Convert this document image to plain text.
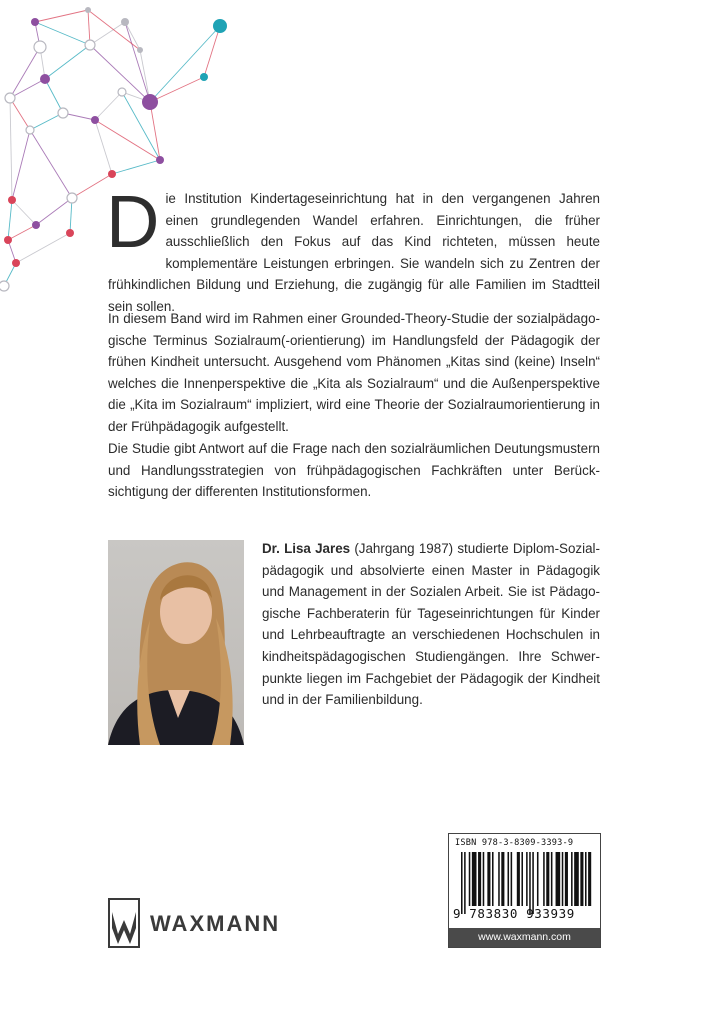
D ie Institution Kindertageseinrichtung hat in den vergangenen Jahren einen grundlegenden Wandel erfahren. Einrichtungen, die früher ausschließlich den Fokus auf das Kind richteten, müssen heute komplementäre Leistungen erbringen. Sie wandeln sich zu Zentren der frühkindlichen Bildung und Erziehung, die zugängig für alle Familien im Stadtteil sein sollen.

In diesem Band wird im Rahmen einer Grounded-Theory-Studie der sozialpädagogische Terminus Sozialraum(-orientierung) im Handlungsfeld der Pädagogik der frühen Kindheit untersucht. Ausgehend vom Phänomen „Kitas sind (keine) Inseln“ welches die Innenperspektive die „Kita als Sozialraum“ und die Außenperspektive die „Kita im Sozialraum“ impliziert, wird eine Theorie der Sozialraumorientierung in der Frühpädagogik aufgestellt.

Die Studie gibt Antwort auf die Frage nach den sozialräumlichen Deutungsmustern und Handlungsstrategien von frühpädagogischen Fachkräften unter Berücksichtigung der differenten Institutionsformen.

Dr. Lisa Jares (Jahrgang 1987) studierte Diplom-Sozialpädagogik und absolvierte einen Master in Pädagogik und Management in der Sozialen Arbeit. Sie ist Pädagogische Fachberaterin für Tageseinrichtungen für Kinder und Lehrbeauftragte an verschiedenen Hochschulen in kindheitspädagogischen Studiengängen. Ihre Schwerpunkte liegen im Fachgebiet der Pädagogik der Kindheit und in der Familienbildung.
ISBN 978-3-8309-3393-9
9 783830 933939
www.waxmann.com
WAXMANN
